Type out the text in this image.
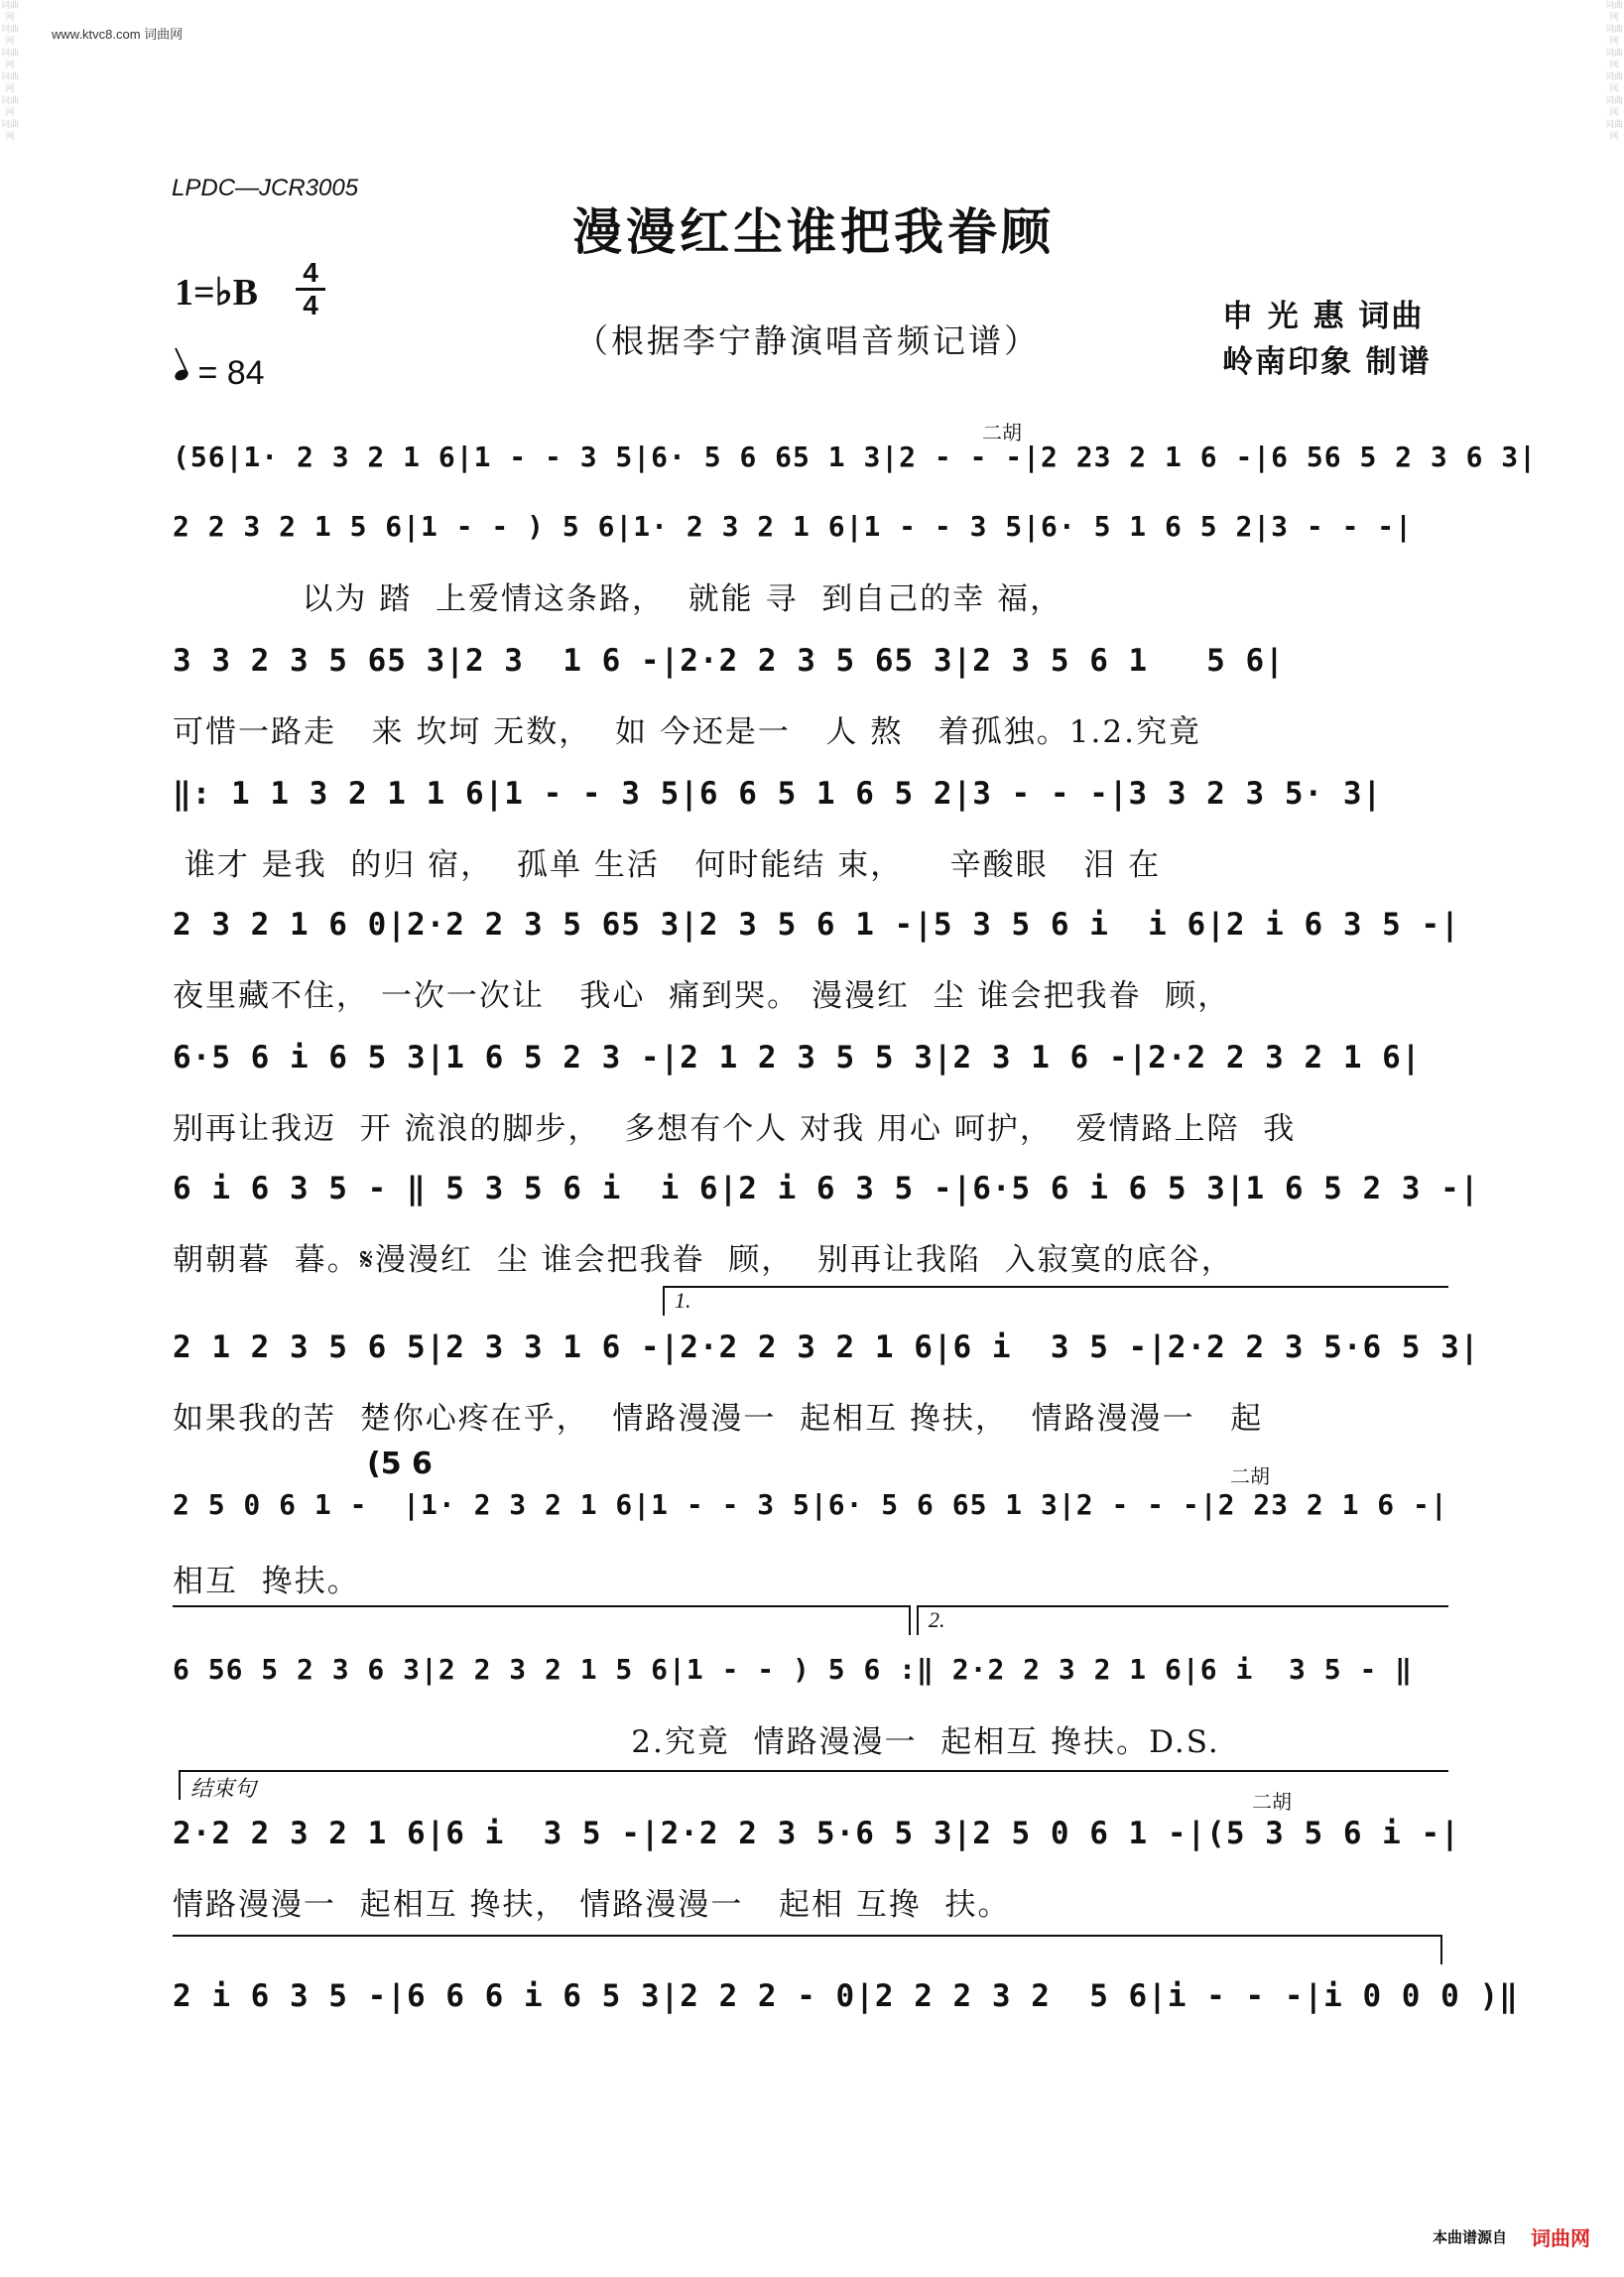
词曲网 词曲网 词曲网 词曲网 词曲网 词曲网
词曲网 词曲网 词曲网 词曲网 词曲网 词曲网
www.ktvc8.com 词曲网
LPDC—JCR3005
漫漫红尘谁把我眷顾
1=♭B 4
4
= 84
（根据李宁静演唱音频记谱）
申 光 惠 词曲
岭南印象 制谱
二胡
(56|1· 2 3 2 1 6|1 - - 3 5|6· 5 6 65 1 3|2 - - -|2 23 2 1 6 -|6 56 5 2 3 6 3|
2 2 3 2 1 5 6|1 - - ) 5 6|1· 2 3 2 1 6|1 - - 3 5|6· 5 1 6 5 2|3 - - -|
以为 踏  上爱情这条路，  就能 寻  到自己的幸 福，
3 3 2 3 5 65 3|2 3  1 6 -|2·2 2 3 5 65 3|2 3 5 6 1   5 6|
可惜一路走   来 坎坷 无数，  如 今还是一   人 熬   着孤独。1.2.究竟
‖: 1 1 3 2 1 1 6|1 - - 3 5|6 6 5 1 6 5 2|3 - - -|3 3 2 3 5· 3|
谁才 是我  的归 宿，  孤单 生活   何时能结 束，    辛酸眼   泪 在
2 3 2 1 6 0|2·2 2 3 5 65 3|2 3 5 6 1 -|5 3 5 6 i  i 6|2 i 6 3 5 -|
夜里藏不住， 一次一次让   我心  痛到哭。 漫漫红  尘 谁会把我眷  顾，
6·5 6 i 6 5 3|1 6 5 2 3 -|2 1 2 3 5 5 3|2 3 1 6 -|2·2 2 3 2 1 6|
别再让我迈  开 流浪的脚步，  多想有个人 对我 用心 呵护，  爱情路上陪  我
6 i 6 3 5 - ‖ 5 3 5 6 i  i 6|2 i 6 3 5 -|6·5 6 i 6 5 3|1 6 5 2 3 -|
朝朝暮  暮。𝄋漫漫红  尘 谁会把我眷  顾，  别再让我陷  入寂寞的底谷，
1.
2 1 2 3 5 6 5|2 3 3 1 6 -|2·2 2 3 2 1 6|6 i  3 5 -|2·2 2 3 5·6 5 3|
如果我的苦  楚你心疼在乎，  情路漫漫一  起相互 搀扶，  情路漫漫一   起
(5 6	二胡
2 5 0 6 1 -  |1· 2 3 2 1 6|1 - - 3 5|6· 5 6 65 1 3|2 - - -|2 23 2 1 6 -|
相互  搀扶。
2.
6 56 5 2 3 6 3|2 2 3 2 1 5 6|1 - - ) 5 6 :‖ 2·2 2 3 2 1 6|6 i  3 5 - ‖
2.究竟  情路漫漫一  起相互 搀扶。D.S.
结束句
二胡
2·2 2 3 2 1 6|6 i  3 5 -|2·2 2 3 5·6 5 3|2 5 0 6 1 -|(5 3 5 6 i -|
情路漫漫一  起相互 搀扶， 情路漫漫一   起相 互搀  扶。
2 i 6 3 5 -|6 6 6 i 6 5 3|2 2 2 - 0|2 2 2 3 2  5 6|i - - -|i 0 0 0 )‖
本曲谱源自 词曲网
